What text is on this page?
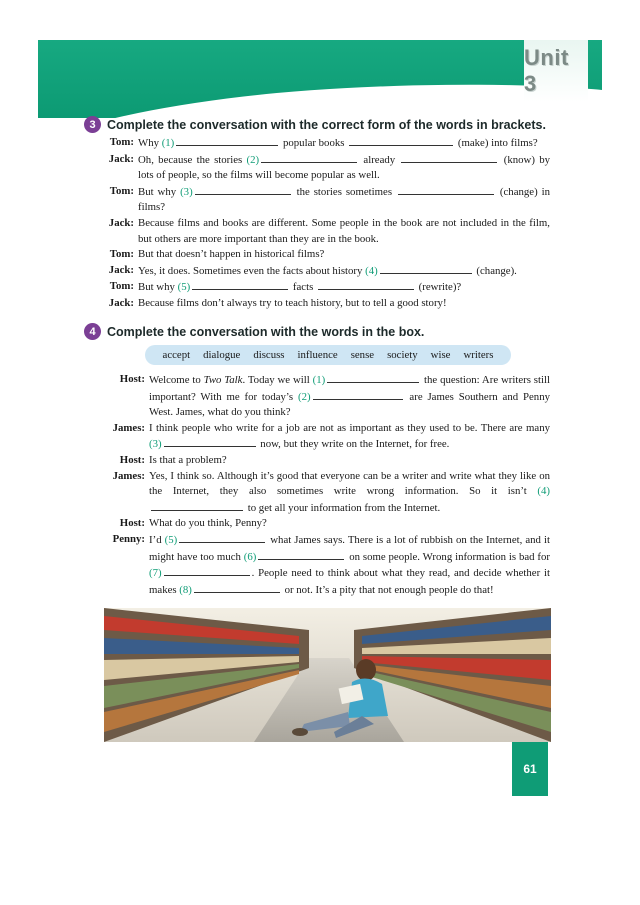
Unit 3
3 Complete the conversation with the correct form of the words in brackets.
Tom: Why (1)	popular books	(make) into films?
Jack: Oh, because the stories (2)	already	(know) by lots of people, so the films will become popular as well.
Tom: But why (3)	the stories sometimes	(change) in films?
Jack: Because films and books are different. Some people in the book are not included in the film, but others are more important than they are in the book.
Tom: But that doesn’t happen in historical films?
Jack: Yes, it does. Sometimes even the facts about history (4)	(change).
Tom: But why (5)	facts	(rewrite)?
Jack: Because films don’t always try to teach history, but to tell a good story!
4 Complete the conversation with the words in the box.
accept dialogue discuss influence sense society wise writers
Host: Welcome to Two Talk. Today we will (1)	the question: Are writers still important? With me for today’s (2)	are James Southern and Penny West. James, what do you think?
James: I think people who write for a job are not as important as they used to be. There are many (3)	now, but they write on the Internet, for free.
Host: Is that a problem?
James: Yes, I think so. Although it’s good that everyone can be a writer and write what they like on the Internet, they also sometimes write wrong information. So it isn’t (4) to get all your information from the Internet.
Host: What do you think, Penny?
Penny: I’d (5)	what James says. There is a lot of rubbish on the Internet, and it might have too much (6)	on some people. Wrong information is bad for (7)	. People need to think about what they read, and decide whether it makes (8)	or not. It’s a pity that not enough people do that!
61
